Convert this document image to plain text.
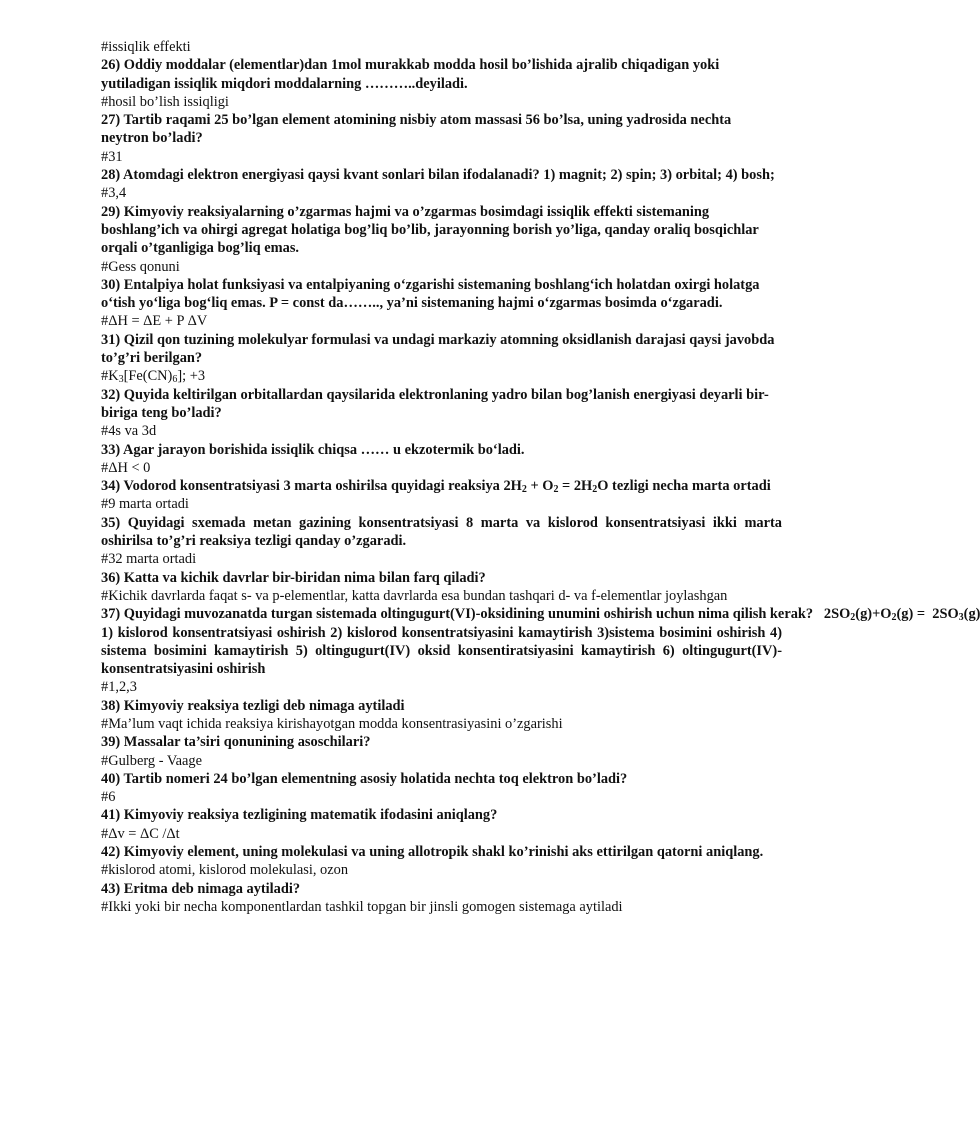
#issiqlik effekti
26) Oddiy moddalar (elementlar)dan 1mol murakkab modda hosil bo’lishida ajralib chiqadigan yoki yutiladigan issiqlik miqdori moddalarning ………..deyiladi.
#hosil bo’lish issiqligi
27) Tartib raqami 25 bo’lgan element atomining nisbiy atom massasi 56 bo’lsa, uning yadrosida nechta neytron bo’ladi?
#31
28) Atomdagi elektron energiyasi qaysi kvant sonlari bilan ifodalanadi? 1) magnit; 2) spin; 3) orbital; 4) bosh;
#3,4
29) Kimyoviy reaksiyalarning o’zgarmas hajmi va o’zgarmas bosimdagi issiqlik effekti sistemaning boshlang’ich va ohirgi agregat holatiga bog’liq bo’lib, jarayonning borish yo’liga, qanday oraliq bosqichlar orqali o’tganligiga bog’liq emas.
#Gess qonuni
30) Entalpiya holat funksiyasi va entalpiyaning o‘zgarishi sistemaning boshlang‘ich holatdan oxirgi holatga o‘tish yo‘liga bog‘liq emas. P = const da…….., ya’ni sistemaning hajmi o‘zgarmas bosimda o‘zgaradi.
#ΔH = ΔE + P ΔV
31) Qizil qon tuzining molekulyar formulasi va undagi markaziy atomning oksidlanish darajasi qaysi javobda to’g’ri berilgan?
$\#K_3[Fe(CN)_6]$; +3
32) Quyida keltirilgan orbitallardan qaysilarida elektronlaning yadro bilan bog’lanish energiyasi deyarli bir-biriga teng bo’ladi?
#4s va 3d
33) Agar jarayon borishida issiqlik chiqsa …… u ekzotermik bo‘ladi.
#ΔH < 0
34) Vodorod konsentratsiyasi 3 marta oshirilsa quyidagi reaksiya $2H_2 + O_2 = 2H_2O$ tezligi necha marta ortadi
#9 marta ortadi
35) Quyidagi sxemada metan gazining konsentratsiyasi 8 marta va kislorod konsentratsiyasi ikki marta oshirilsa to’g’ri reaksiya tezligi qanday o’zgaradi.
#32 marta ortadi
36) Katta va kichik davrlar bir-biridan nima bilan farq qiladi?
#Kichik davrlarda faqat s- va p-elementlar, katta davrlarda esa bundan tashqari d- va f-elementlar joylashgan
37) Quyidagi muvozanatda turgan sistemada oltingugurt(VI)-oksidining unumini oshirish uchun nima qilish kerak?   $2SO_2(g)+O_2(g) = 2SO_3(g)$ 1) kislorod konsentratsiyasi oshirish 2) kislorod konsentratsiyasini kamaytirish 3)sistema bosimini oshirish 4) sistema bosimini kamaytirish 5) oltingugurt(IV) oksid konsentiratsiyasini kamaytirish 6) oltingugurt(IV)-konsentratsiyasini oshirish
#1,2,3
38) Kimyoviy reaksiya tezligi deb nimaga aytiladi
#Ma’lum vaqt ichida reaksiya kirishayotgan modda konsentrasiyasini o’zgarishi
39) Massalar ta’siri qonunining asoschilari?
#Gulberg - Vaage
40) Tartib nomeri 24 bo’lgan elementning asosiy holatida nechta toq elektron bo’ladi?
#6
41) Kimyoviy reaksiya tezligining matematik ifodasini aniqlang?
#Δv = ΔC /Δt
42) Kimyoviy element, uning molekulasi va uning allotropik shakl ko’rinishi aks ettirilgan qatorni aniqlang.
#kislorod atomi, kislorod molekulasi, ozon
43) Eritma deb nimaga aytiladi?
#Ikki yoki bir necha komponentlardan tashkil topgan bir jinsli gomogen sistemaga aytiladi
